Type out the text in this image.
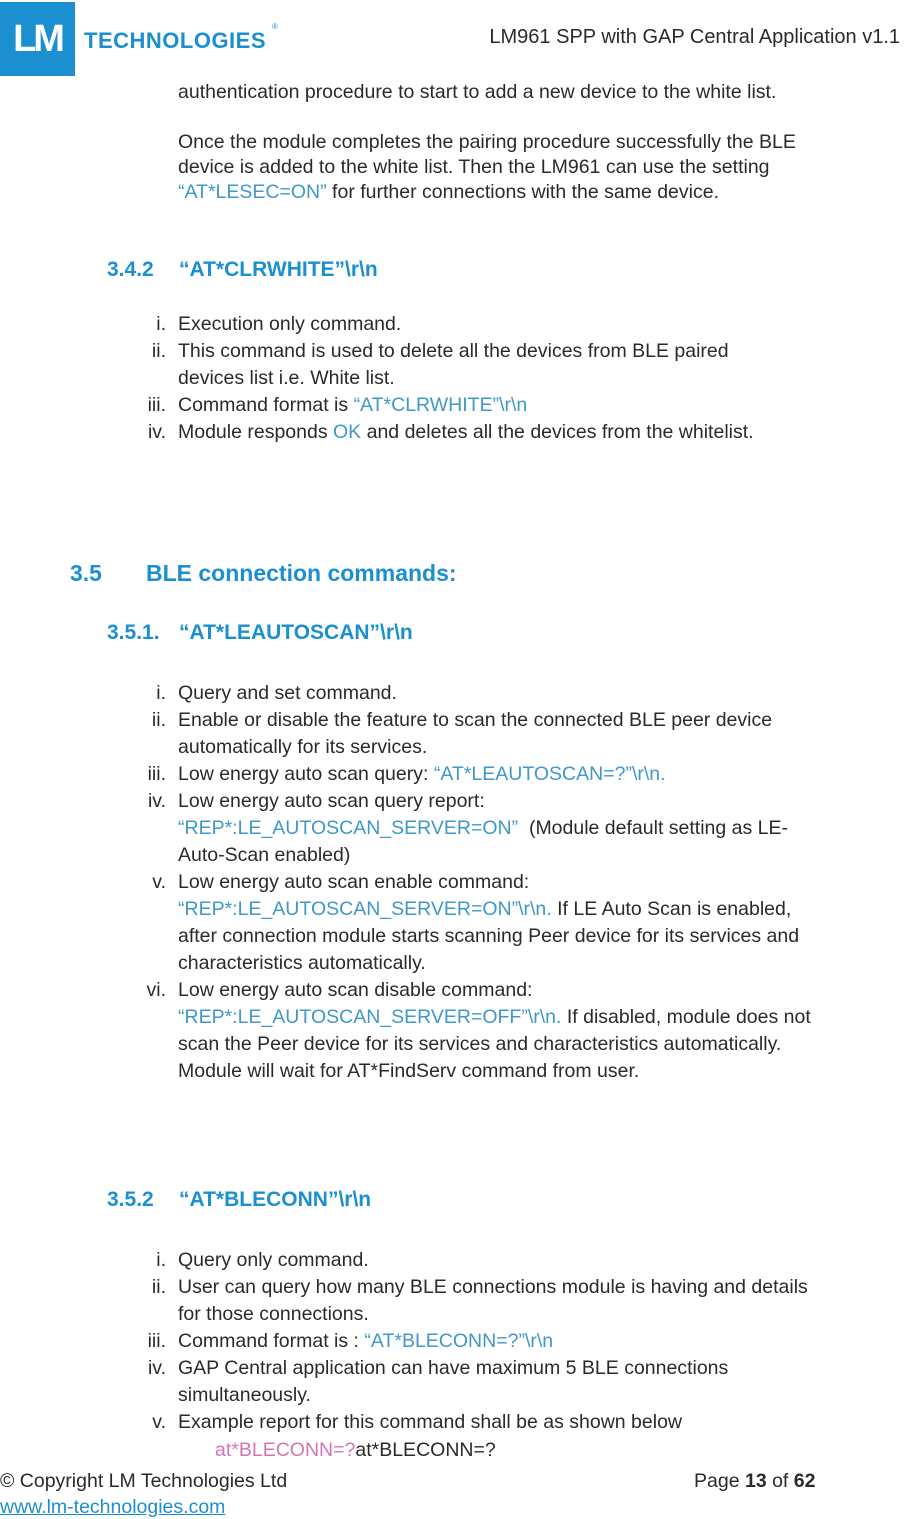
LM	TECHNOLOGIES
®	LM961 SPP with GAP Central Application v1.1
authentication procedure to start to add a new device to the white list.
Once the module completes the pairing procedure successfully the BLE device is added to the white list. Then the LM961 can use the setting “AT*LESEC=ON” for further connections with the same device.
3.4.2 “AT*CLRWHITE”\r\n
i. Execution only command.
ii. This command is used to delete all the devices from BLE paired devices list i.e. White list.
iii. Command format is “AT*CLRWHITE”\r\n
iv. Module responds OK and deletes all the devices from the whitelist.
3.5 BLE connection commands:
3.5.1. “AT*LEAUTOSCAN”\r\n
i. Query and set command.
ii. Enable or disable the feature to scan the connected BLE peer device automatically for its services.
iii. Low energy auto scan query: “AT*LEAUTOSCAN=?”\r\n.
iv. Low energy auto scan query report:
“REP*:LE_AUTOSCAN_SERVER=ON”  (Module default setting as LE-Auto-Scan enabled)
v. Low energy auto scan enable command:
“REP*:LE_AUTOSCAN_SERVER=ON”\r\n. If LE Auto Scan is enabled, after connection module starts scanning Peer device for its services and characteristics automatically.
vi. Low energy auto scan disable command:
“REP*:LE_AUTOSCAN_SERVER=OFF”\r\n. If disabled, module does not scan the Peer device for its services and characteristics automatically. Module will wait for AT*FindServ command from user.
3.5.2 “AT*BLECONN”\r\n
i. Query only command.
ii. User can query how many BLE connections module is having and details for those connections.
iii. Command format is : “AT*BLECONN=?”\r\n
iv. GAP Central application can have maximum 5 BLE connections simultaneously.
v. Example report for this command shall be as shown below
at*BLECONN=?at*BLECONN=?
© Copyright LM Technologies Ltd
www.lm-technologies.com
Page 13 of 62
